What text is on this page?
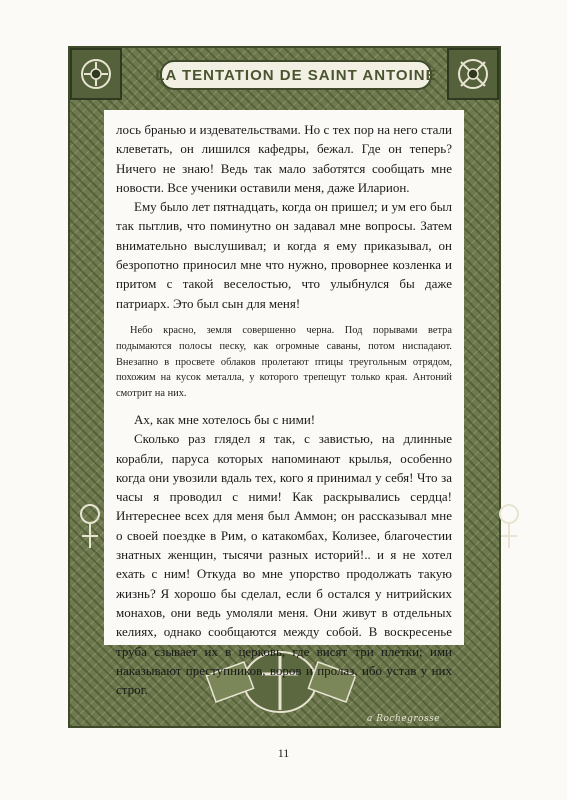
LA TENTATION DE SAINT ANTOINE

лось бранью и издевательствами. Но с тех пор на него стали клеветать, он лишился кафедры, бежал. Где он теперь? Ничего не знаю! Ведь так мало заботятся сообщать мне новости. Все ученики оставили меня, даже Иларион.

Ему было лет пятнадцать, когда он пришел; и ум его был так пытлив, что поминутно он задавал мне вопросы. Затем внимательно выслушивал; и когда я ему приказывал, он безропотно приносил мне что нужно, проворнее козленка и притом с такой веселостью, что улыбнулся бы даже патриарх. Это был сын для меня!

Небо красно, земля совершенно черна. Под порывами ветра подымаются полосы песку, как огромные саваны, потом ниспадают. Внезапно в просвете облаков пролетают птицы треугольным отрядом, похожим на кусок металла, у которого трепещут только края. Антоний смотрит на них.

Ах, как мне хотелось бы с ними!

Сколько раз глядел я так, с завистью, на длинные корабли, паруса которых напоминают крылья, особенно когда они увозили вдаль тех, кого я принимал у себя! Что за часы я проводил с ними! Как раскрывались сердца! Интереснее всех для меня был Аммон; он рассказывал мне о своей поездке в Рим, о катакомбах, Колизее, благочестии знатных женщин, тысячи разных историй!.. и я не хотел ехать с ним! Откуда во мне упорство продолжать такую жизнь? Я хорошо бы сделал, если б остался у нитрийских монахов, они ведь умоляли меня. Они живут в отдельных келиях, однако сообщаются между собой. В воскресенье труба сзывает их в церковь, где висят три плетки; ими наказывают преступников, воров и пролаз, ибо устав у них строг.

a Rochegrosse
11
